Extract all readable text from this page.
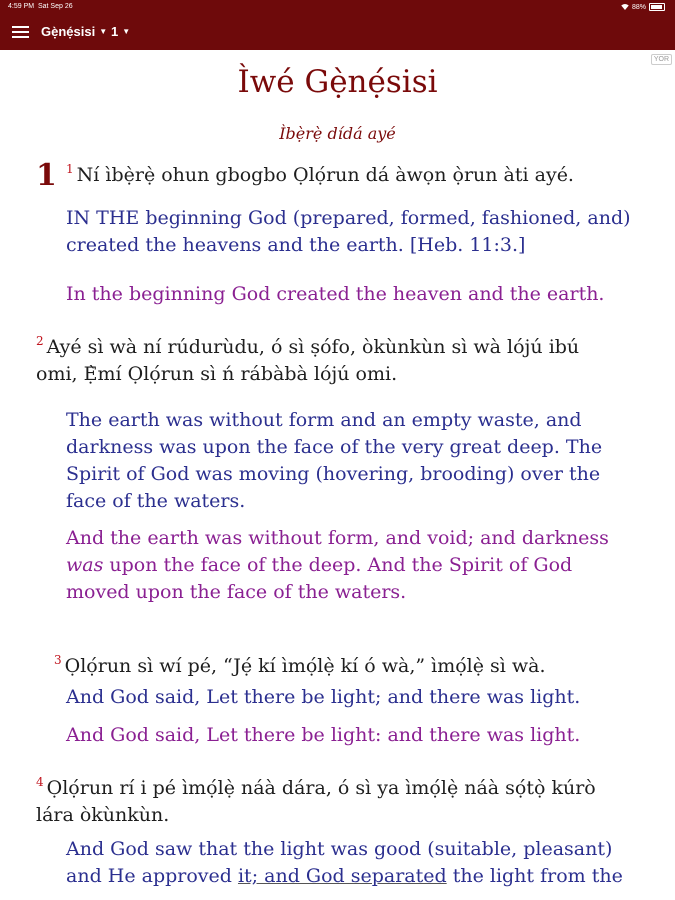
4:59 PM Sat Sep 26	88%
Gẹ̀nẹ́sisi ▼ 1 ▼
YOR
Ìwé Gẹ̀nẹ́sisi
Ìbẹ̀rẹ̀ dídá ayé
1 $^1$ Ní ìbẹ̀rẹ̀ ohun gbogbo Ọlọ́run dá àwọn ọ̀run àti ayé.
IN THE beginning God (prepared, formed, fashioned, and) created the heavens and the earth. [Heb. 11:3.]
In the beginning God created the heaven and the earth.
$^2$ Ayé sì wà ní rúdurùdu, ó sì ṣófo, òkùnkùn sì wà lójú ibú omi, Ẹ̀mí Ọlọ́run sì ń rábàbà lójú omi.
The earth was without form and an empty waste, and darkness was upon the face of the very great deep. The Spirit of God was moving (hovering, brooding) over the face of the waters.
And the earth was without form, and void; and darkness was upon the face of the deep. And the Spirit of God moved upon the face of the waters.
$^3$ Ọlọ́run sì wí pé, “Jẹ́ kí ìmọ́lẹ̀ kí ó wà,” ìmọ́lẹ̀ sì wà.
And God said, Let there be light; and there was light.
And God said, Let there be light: and there was light.
$^4$ Ọlọ́run rí i pé ìmọ́lẹ̀ náà dára, ó sì ya ìmọ́lẹ̀ náà sọ́tọ̀ kúrò lára òkùnkùn.
And God saw that the light was good (suitable, pleasant) and He approved it; and God separated the light from the
